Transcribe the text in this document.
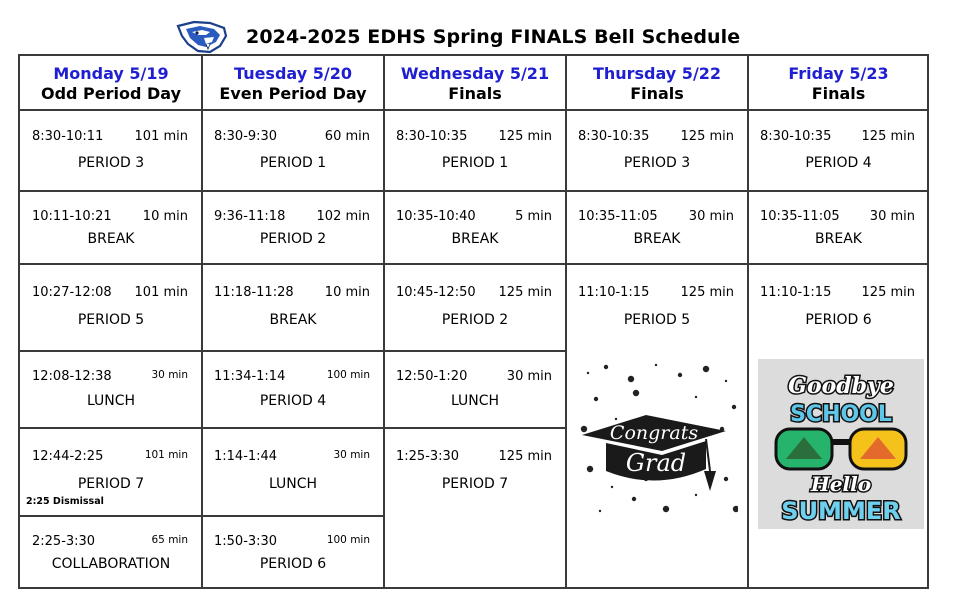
2024-2025 EDHS Spring FINALS Bell Schedule
Monday 5/19
Odd Period Day
8:30-10:11 101 min
PERIOD 3
10:11-10:21 10 min
BREAK
10:27-12:08 101 min
PERIOD 5
12:08-12:38	30 min
LUNCH
12:44-2:25	101 min
PERIOD 7
2:25 Dismissal
2:25-3:30	65 min
COLLABORATION
Tuesday 5/20
Even Period Day
8:30-9:30	60 min
PERIOD 1
9:36-11:18 102 min
PERIOD 2
11:18-11:28 10 min
BREAK
11:34-1:14	100 min
PERIOD 4
1:14-1:44	30 min
LUNCH
1:50-3:30	100 min
PERIOD 6
Wednesday 5/21
Finals
8:30-10:35 125 min
PERIOD 1
10:35-10:40	5 min
BREAK
10:45-12:50 125 min
PERIOD 2
12:50-1:20	30 min
LUNCH
1:25-3:30	125 min
PERIOD 7
Thursday 5/22
Finals
8:30-10:35 125 min
PERIOD 3
10:35-11:05 30 min
BREAK
11:10-1:15 125 min
PERIOD 5
Congrats
Grad
Friday 5/23
Finals
8:30-10:35 125 min
PERIOD 4
10:35-11:05 30 min
BREAK
11:10-1:15 125 min
PERIOD 6
Goodbye
SCHOOL
Hello
SUMMER
